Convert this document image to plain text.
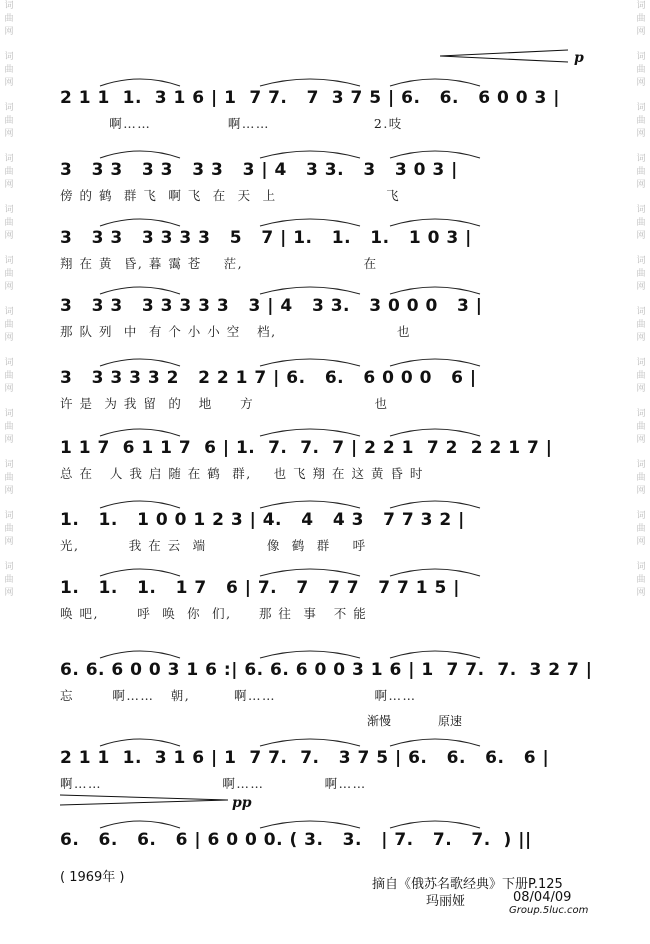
词
曲
网
词
曲
网
词
曲
网
词
曲
网
词
曲
网
词
曲
网
词
曲
网
词
曲
网
词
曲
网
词
曲
网
词
曲
网
词
曲
网
词
曲
网
词
曲
网
词
曲
网
词
曲
网
词
曲
网
词
曲
网
词
曲
网
词
曲
网
词
曲
网
词
曲
网
词
曲
网
词
曲
网
p
pp
渐慢	原速
2 1 1  1.  3 1 6 | 1  7 7.   7  3 7 5 | 6.   6.   6 0 0 3 |
啊……              啊……                   2.吱
3   3 3   3 3   3 3   3 | 4   3 3.   3   3 0 3 |
傍 的 鹤  群 飞  啊 飞  在  天  上                    飞
3   3 3   3 3 3 3   5   7 | 1.   1.   1.   1 0 3 |
翔 在 黄  昏, 暮 霭 苍    茫,                      在
3   3 3   3 3 3 3 3   3 | 4   3 3.   3 0 0 0   3 |
那 队 列  中  有 个 小 小 空   档,                      也
3   3 3 3 3 2   2 2 1 7 | 6.   6.   6 0 0 0   6 |
许 是  为 我 留  的   地     方                      也
1 1 7  6 1 1 7  6 | 1.  7.  7.  7 | 2 2 1  7 2  2 2 1 7 |
总 在   人 我 启 随 在 鹤  群,    也 飞 翔 在 这 黄 昏 时
1.   1.   1 0 0 1 2 3 | 4.   4   4 3   7 7 3 2 |
光,         我 在 云  端           像  鹤  群    呼
1.   1.   1.   1 7   6 | 7.   7   7 7   7 7 1 5 |
唤 吧,       呼  唤  你  们,     那 往  事   不 能
6. 6. 6 0 0 3 1 6 :| 6. 6. 6 0 0 3 1 6 | 1  7 7.  7.  3 2 7 |
忘       啊……   朝,        啊……                  啊……
2 1 1  1.  3 1 6 | 1  7 7.  7.   3 7 5 | 6.   6.   6.   6 |
啊……                      啊……           啊……
6.   6.   6.   6 | 6 0 0 0. ( 3.   3.   | 7.   7.   7.  ) ||
( 1969年 )	摘自《俄苏名歌经典》下册P.125
玛丽娅	08/04/09
Group.5luc.com
